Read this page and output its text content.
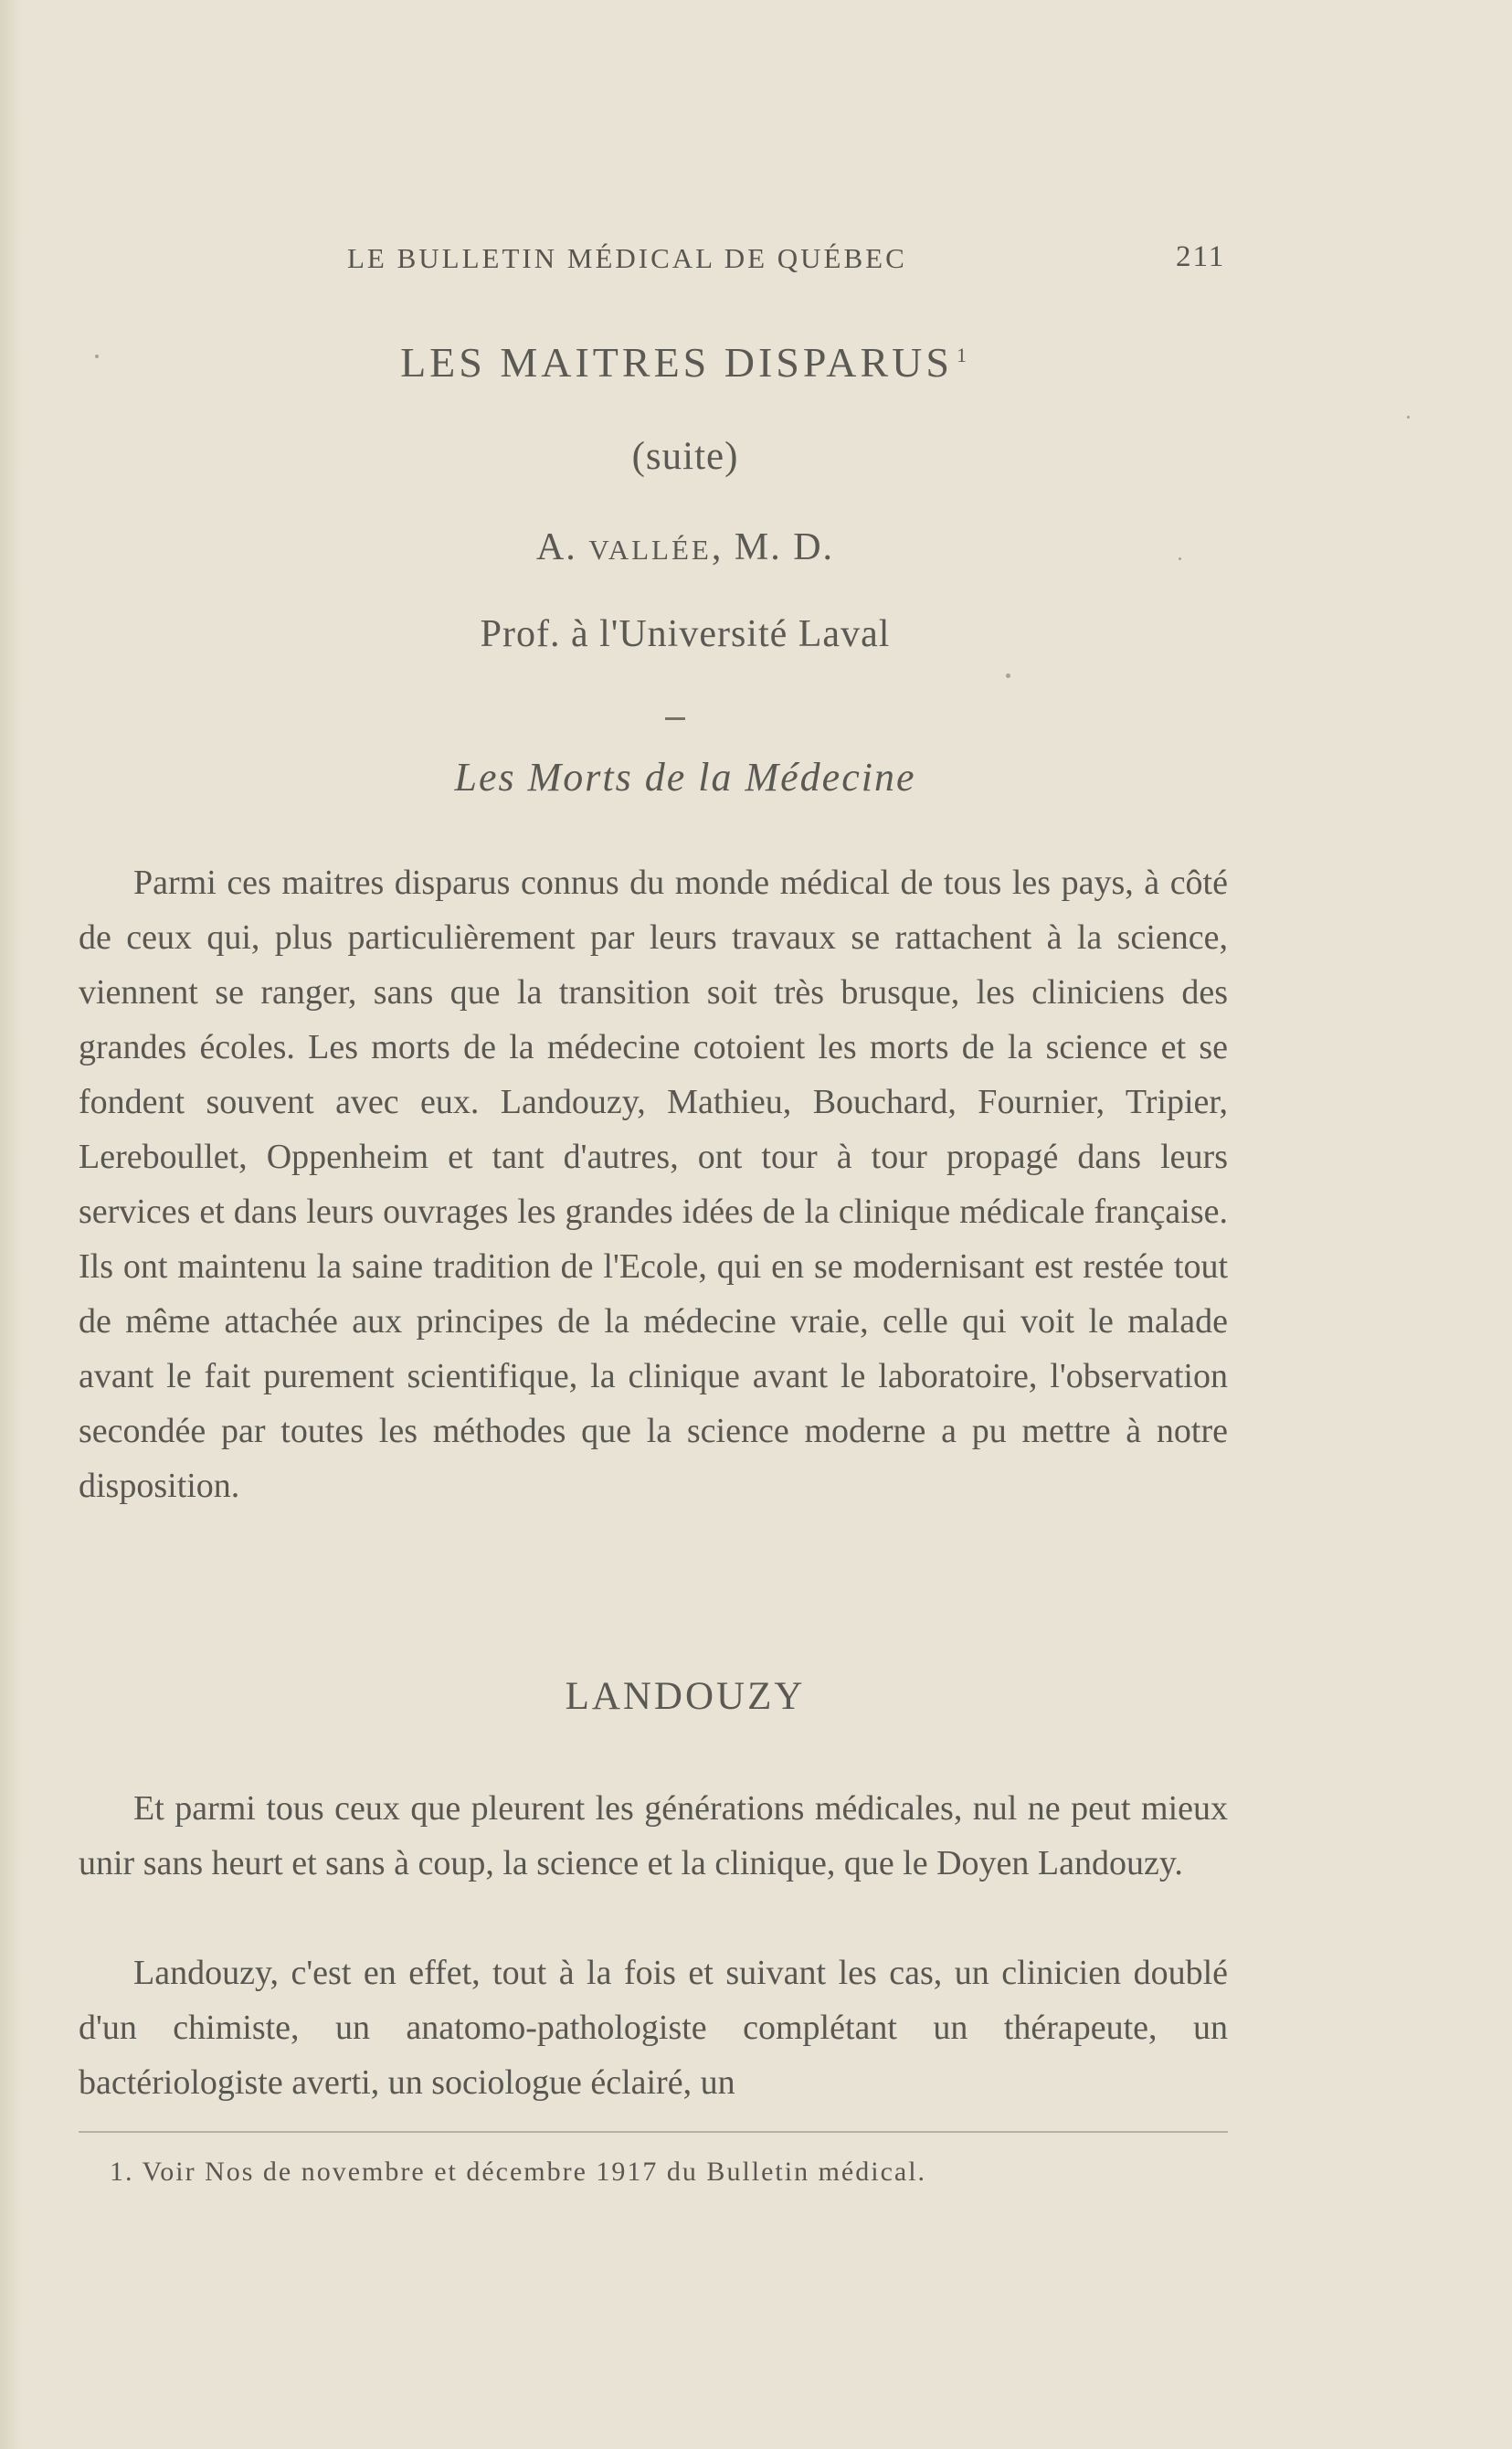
LE BULLETIN MÉDICAL DE QUÉBEC	211
LES MAITRES DISPARUS $^1$
(suite)
A. VALLÉE, M. D.
Prof. à l'Université Laval
Les Morts de la Médecine

Parmi ces maitres disparus connus du monde médical de tous les pays, à côté de ceux qui, plus particulièrement par leurs travaux se rattachent à la science, viennent se ranger, sans que la transition soit très brusque, les cliniciens des grandes écoles. Les morts de la médecine cotoient les morts de la science et se fondent souvent avec eux. Landouzy, Mathieu, Bouchard, Fournier, Tripier, Lereboullet, Oppenheim et tant d'autres, ont tour à tour propagé dans leurs services et dans leurs ouvrages les grandes idées de la clinique médicale française. Ils ont maintenu la saine tradition de l'Ecole, qui en se modernisant est restée tout de même attachée aux principes de la médecine vraie, celle qui voit le malade avant le fait purement scientifique, la clinique avant le laboratoire, l'observation secondée par toutes les méthodes que la science moderne a pu mettre à notre disposition.

LANDOUZY

Et parmi tous ceux que pleurent les générations médicales, nul ne peut mieux unir sans heurt et sans à coup, la science et la clinique, que le Doyen Landouzy.

Landouzy, c'est en effet, tout à la fois et suivant les cas, un clinicien doublé d'un chimiste, un anatomo-pathologiste complétant un thérapeute, un bactériologiste averti, un sociologue éclairé, un

1. Voir Nos de novembre et décembre 1917 du Bulletin médical.
